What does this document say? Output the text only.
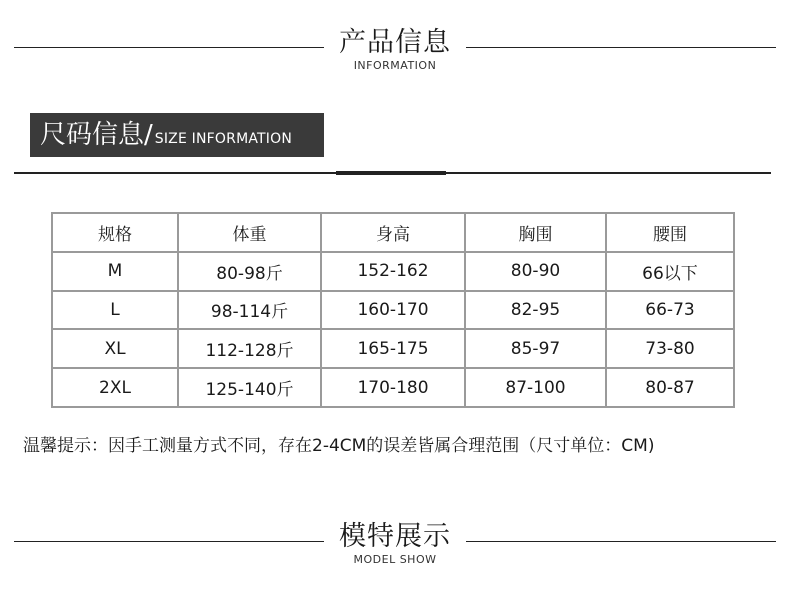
产品信息
INFORMATION
尺码信息/ SIZE INFORMATION
规格	体重	身高	胸围	腰围
M	80-98斤	152-162	80-90	66以下
L	98-114斤	160-170	82-95	66-73
XL	112-128斤	165-175	85-97	73-80
2XL	125-140斤	170-180	87-100	80-87
温馨提示：因手工测量方式不同，存在2-4CM的误差皆属合理范围（尺寸单位：CM)
模特展示
MODEL SHOW
